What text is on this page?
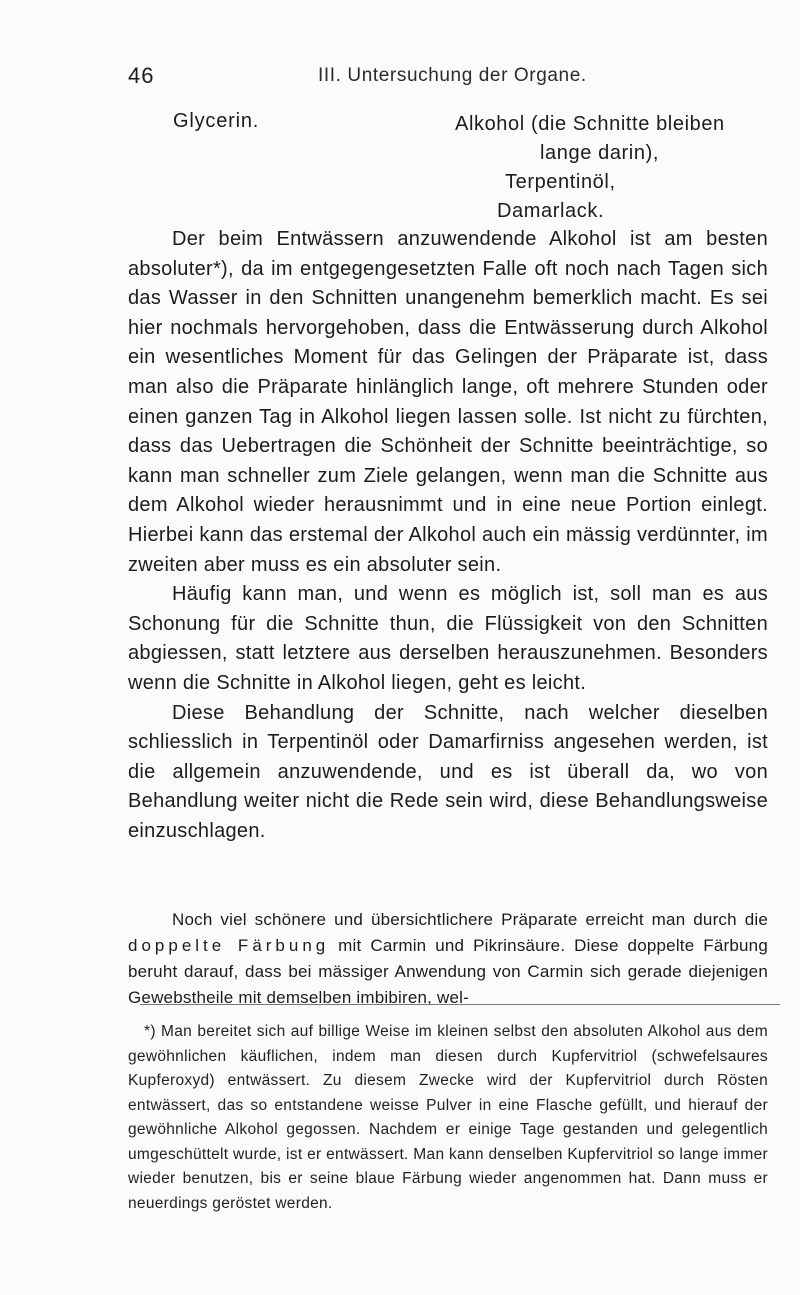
46	III. Untersuchung der Organe.
Glycerin.	Alkohol (die Schnitte bleiben
lange darin),
Terpentinöl,
Damarlack.

Der beim Entwässern anzuwendende Alkohol ist am besten absoluter*), da im entgegengesetzten Falle oft noch nach Tagen sich das Wasser in den Schnitten unangenehm bemerklich macht. Es sei hier nochmals hervorgehoben, dass die Entwässerung durch Alkohol ein wesentliches Moment für das Gelingen der Präparate ist, dass man also die Präparate hinlänglich lange, oft mehrere Stunden oder einen ganzen Tag in Alkohol liegen lassen solle. Ist nicht zu fürchten, dass das Uebertragen die Schönheit der Schnitte beeinträchtige, so kann man schneller zum Ziele gelangen, wenn man die Schnitte aus dem Alkohol wieder herausnimmt und in eine neue Portion einlegt. Hierbei kann das erstemal der Alkohol auch ein mässig verdünnter, im zweiten aber muss es ein absoluter sein.

Häufig kann man, und wenn es möglich ist, soll man es aus Schonung für die Schnitte thun, die Flüssigkeit von den Schnitten abgiessen, statt letztere aus derselben herauszunehmen. Besonders wenn die Schnitte in Alkohol liegen, geht es leicht.

Diese Behandlung der Schnitte, nach welcher dieselben schliesslich in Terpentinöl oder Damarfirniss angesehen werden, ist die allgemein anzuwendende, und es ist überall da, wo von Behandlung weiter nicht die Rede sein wird, diese Behandlungsweise einzuschlagen.

Noch viel schönere und übersichtlichere Präparate erreicht man durch die doppelte Färbung mit Carmin und Pikrinsäure. Diese doppelte Färbung beruht darauf, dass bei mässiger Anwendung von Carmin sich gerade diejenigen Gewebstheile mit demselben imbibiren, wel-

*) Man bereitet sich auf billige Weise im kleinen selbst den absoluten Alkohol aus dem gewöhnlichen käuflichen, indem man diesen durch Kupfervitriol (schwefelsaures Kupferoxyd) entwässert. Zu diesem Zwecke wird der Kupfervitriol durch Rösten entwässert, das so entstandene weisse Pulver in eine Flasche gefüllt, und hierauf der gewöhnliche Alkohol gegossen. Nachdem er einige Tage gestanden und gelegentlich umgeschüttelt wurde, ist er entwässert. Man kann denselben Kupfervitriol so lange immer wieder benutzen, bis er seine blaue Färbung wieder angenommen hat. Dann muss er neuerdings geröstet werden.
